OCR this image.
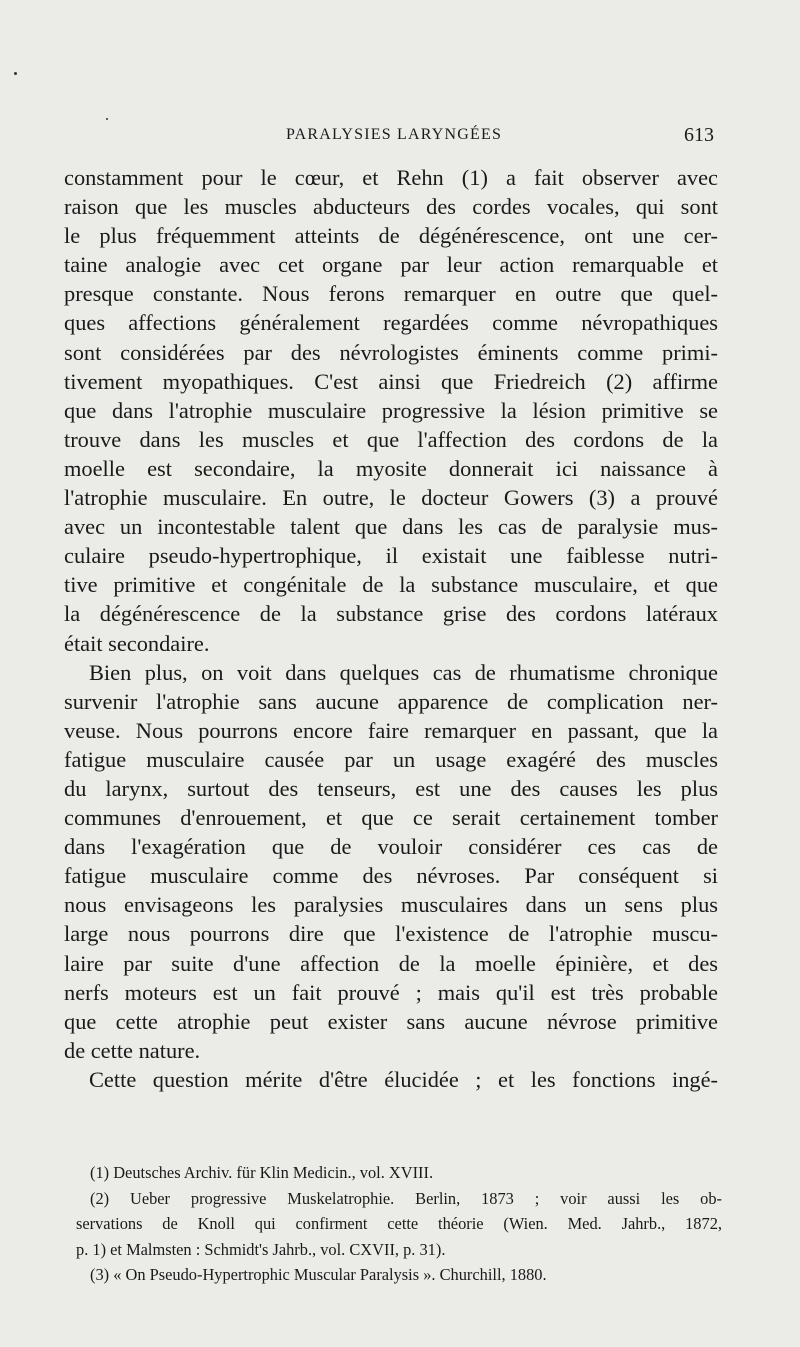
PARALYSIES LARYNGÉES	613

constamment pour le cœur, et Rehn (1) a fait observer avec
raison que les muscles abducteurs des cordes vocales, qui sont
le plus fréquemment atteints de dégénérescence, ont une cer-
taine analogie avec cet organe par leur action remarquable et
presque constante. Nous ferons remarquer en outre que quel-
ques affections généralement regardées comme névropathiques
sont considérées par des névrologistes éminents comme primi-
tivement myopathiques. C'est ainsi que Friedreich (2) affirme
que dans l'atrophie musculaire progressive la lésion primitive se
trouve dans les muscles et que l'affection des cordons de la
moelle est secondaire, la myosite donnerait ici naissance à
l'atrophie musculaire. En outre, le docteur Gowers (3) a prouvé
avec un incontestable talent que dans les cas de paralysie mus-
culaire pseudo-hypertrophique, il existait une faiblesse nutri-
tive primitive et congénitale de la substance musculaire, et que
la dégénérescence de la substance grise des cordons latéraux
était secondaire.

Bien plus, on voit dans quelques cas de rhumatisme chronique
survenir l'atrophie sans aucune apparence de complication ner-
veuse. Nous pourrons encore faire remarquer en passant, que la
fatigue musculaire causée par un usage exagéré des muscles
du larynx, surtout des tenseurs, est une des causes les plus
communes d'enrouement, et que ce serait certainement tomber
dans l'exagération que de vouloir considérer ces cas de
fatigue musculaire comme des névroses. Par conséquent si
nous envisageons les paralysies musculaires dans un sens plus
large nous pourrons dire que l'existence de l'atrophie muscu-
laire par suite d'une affection de la moelle épinière, et des
nerfs moteurs est un fait prouvé ; mais qu'il est très probable
que cette atrophie peut exister sans aucune névrose primitive
de cette nature.

Cette question mérite d'être élucidée ; et les fonctions ingé-

(1) Deutsches Archiv. für Klin Medicin., vol. XVIII.
(2) Ueber progressive Muskelatrophie. Berlin, 1873 ; voir aussi les ob-
servations de Knoll qui confirment cette théorie (Wien. Med. Jahrb., 1872,
p. 1) et Malmsten : Schmidt's Jahrb., vol. CXVII, p. 31).
(3) « On Pseudo-Hypertrophic Muscular Paralysis ». Churchill, 1880.
